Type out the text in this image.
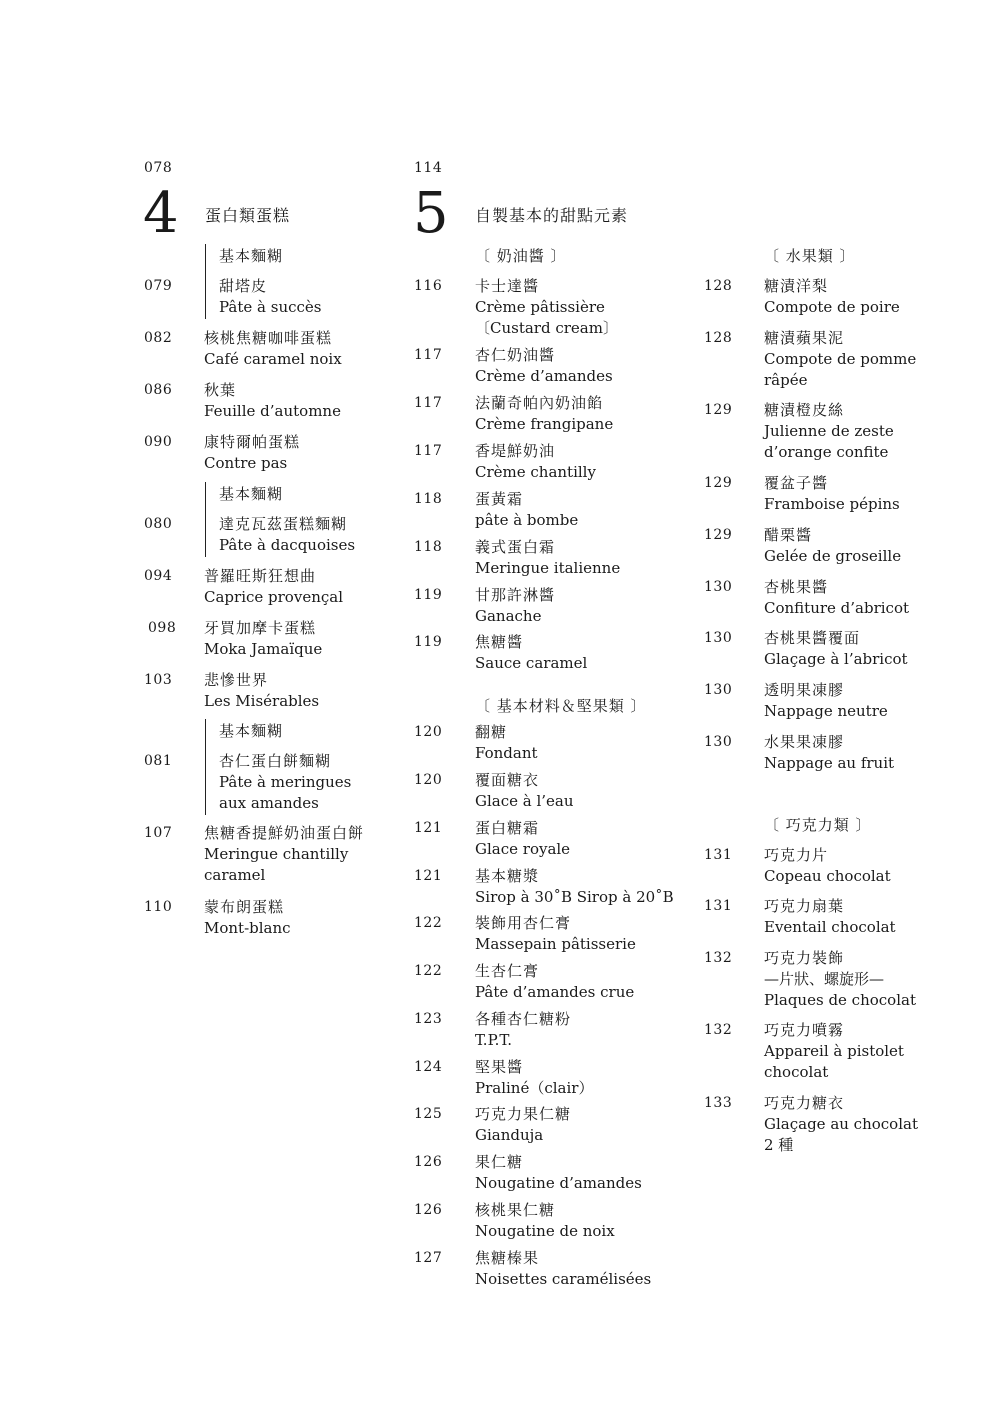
078
4 蛋白類蛋糕
基本麵糊
079	甜塔皮
Pâte à succès
082 核桃焦糖咖啡蛋糕
Café caramel noix
086 秋葉
Feuille d’automne
090 康特爾帕蛋糕
Contre pas
基本麵糊
080	達克瓦茲蛋糕麵糊
Pâte à dacquoises
094 普羅旺斯狂想曲
Caprice provençal
098 牙買加摩卡蛋糕
Moka Jamaïque
103 悲慘世界
Les Misérables
基本麵糊
081	杏仁蛋白餅麵糊
Pâte à meringues
aux amandes
107 焦糖香提鮮奶油蛋白餅
Meringue chantilly
caramel
110 蒙布朗蛋糕
Mont-blanc
114
5 自製基本的甜點元素
〔 奶油醬 〕
116 卡士達醬
Crème pâtissière
〔Custard cream〕
117 杏仁奶油醬
Crème d’amandes
117 法蘭奇帕內奶油餡
Crème frangipane
117 香堤鮮奶油
Crème chantilly
118 蛋黃霜
pâte à bombe
118 義式蛋白霜
Meringue italienne
119 甘那許淋醬
Ganache
119 焦糖醬
Sauce caramel
〔 基本材料＆堅果類 〕
120 翻糖
Fondant
120 覆面糖衣
Glace à l’eau
121 蛋白糖霜
Glace royale
121 基本糖漿
Sirop à 30˚B Sirop à 20˚B
122 裝飾用杏仁膏
Massepain pâtisserie
122 生杏仁膏
Pâte d’amandes crue
123 各種杏仁糖粉
T.P.T.
124 堅果醬
Praliné（clair）
125 巧克力果仁糖
Gianduja
126 果仁糖
Nougatine d’amandes
126 核桃果仁糖
Nougatine de noix
127 焦糖榛果
Noisettes caramélisées
〔 水果類 〕
128 糖漬洋梨
Compote de poire
128 糖漬蘋果泥
Compote de pomme
râpée
129 糖漬橙皮絲
Julienne de zeste
d’orange confite
129 覆盆子醬
Framboise pépins
129 醋栗醬
Gelée de groseille
130 杏桃果醬
Confiture d’abricot
130 杏桃果醬覆面
Glaçage à l’abricot
130 透明果凍膠
Nappage neutre
130 水果果凍膠
Nappage au fruit
〔 巧克力類 〕
131 巧克力片
Copeau chocolat
131 巧克力扇葉
Eventail chocolat
132 巧克力裝飾
—片狀、螺旋形—
Plaques de chocolat
132 巧克力噴霧
Appareil à pistolet
chocolat
133 巧克力糖衣
Glaçage au chocolat
2 種
